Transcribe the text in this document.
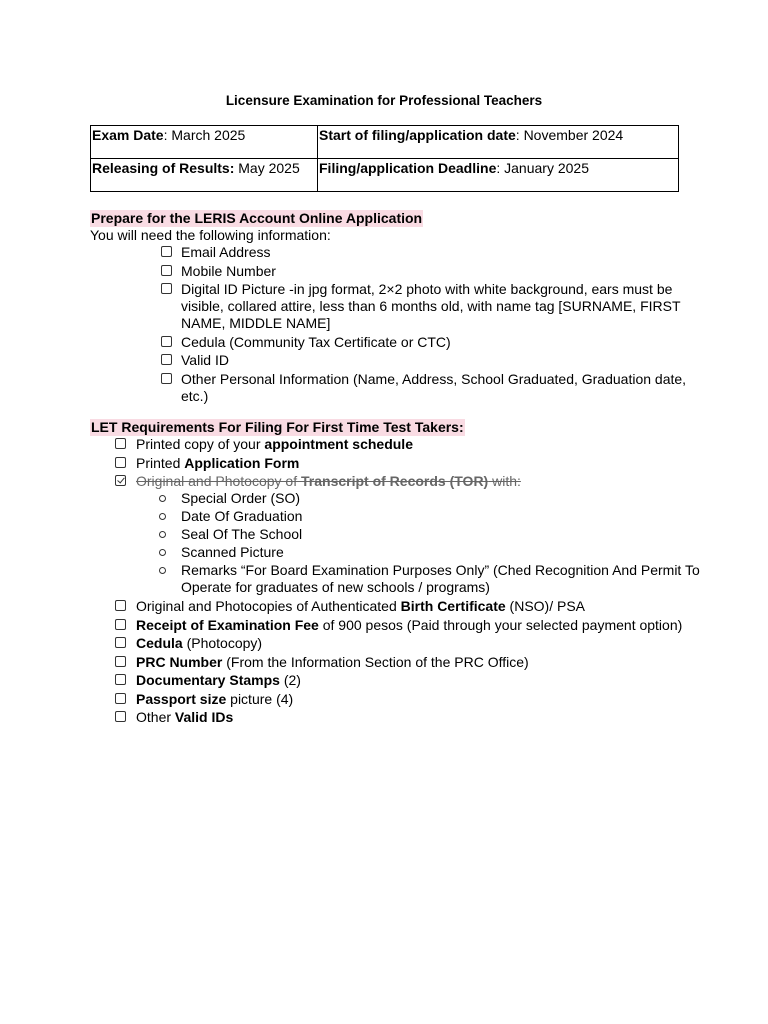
Licensure Examination for Professional Teachers
Exam Date: March 2025	Start of filing/application date: November 2024
Releasing of Results: May 2025	Filing/application Deadline: January 2025
Prepare for the LERIS Account Online Application
You will need the following information:
Email Address
Mobile Number
Digital ID Picture -in jpg format, 2×2 photo with white background, ears must be visible, collared attire, less than 6 months old, with name tag [SURNAME, FIRST NAME, MIDDLE NAME]
Cedula (Community Tax Certificate or CTC)
Valid ID
Other Personal Information (Name, Address, School Graduated, Graduation date, etc.)
LET Requirements For Filing For First Time Test Takers:
Printed copy of your appointment schedule
Printed Application Form
Original and Photocopy of Transcript of Records (TOR) with:
Special Order (SO)
Date Of Graduation
Seal Of The School
Scanned Picture
Remarks “For Board Examination Purposes Only” (Ched Recognition And Permit To Operate for graduates of new schools / programs)
Original and Photocopies of Authenticated Birth Certificate (NSO)/ PSA
Receipt of Examination Fee of 900 pesos (Paid through your selected payment option)
Cedula (Photocopy)
PRC Number (From the Information Section of the PRC Office)
Documentary Stamps (2)
Passport size picture (4)
Other Valid IDs
